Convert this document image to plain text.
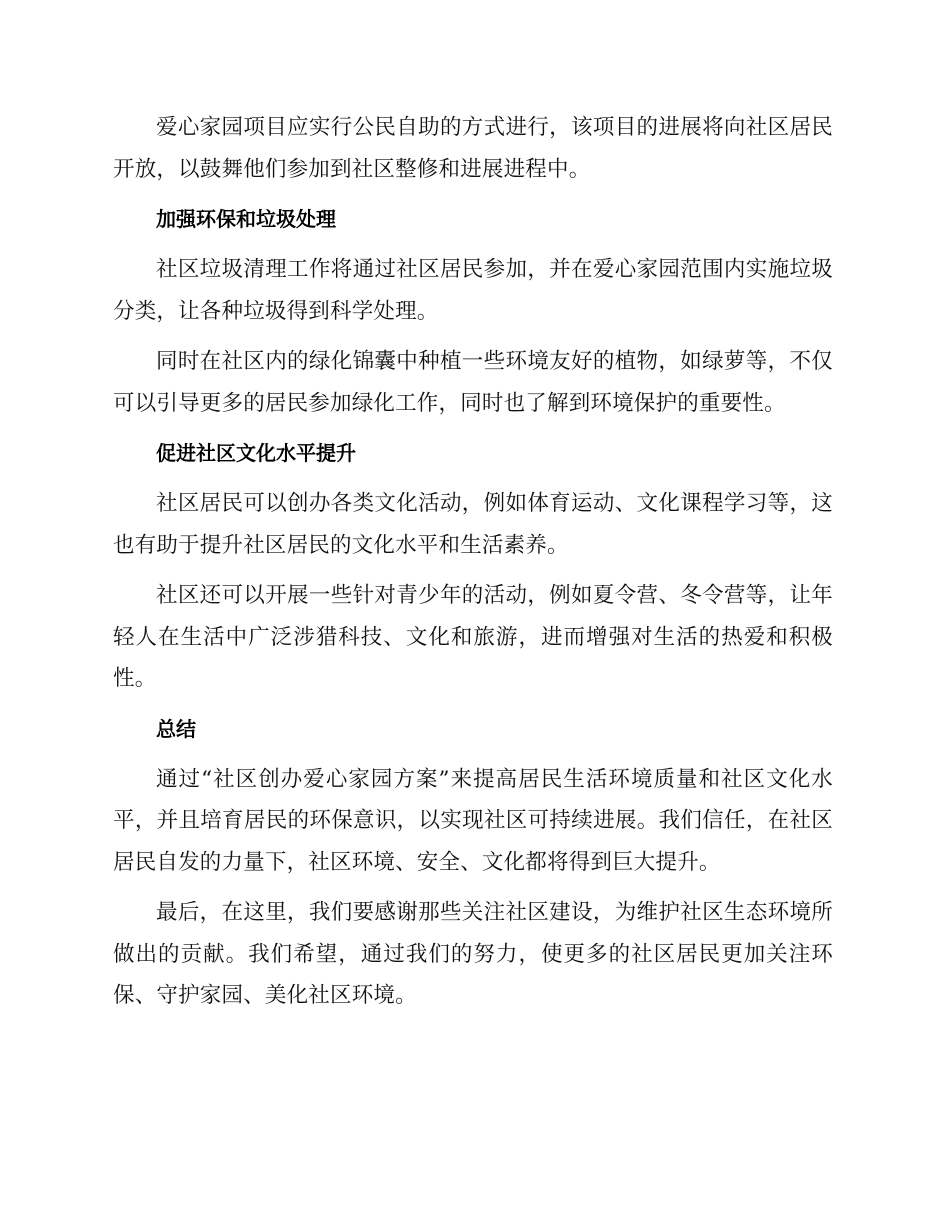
爱心家园项目应实行公民自助的方式进行，该项目的进展将向社区居民开放，以鼓舞他们参加到社区整修和进展进程中。

加强环保和垃圾处理

社区垃圾清理工作将通过社区居民参加，并在爱心家园范围内实施垃圾分类，让各种垃圾得到科学处理。

同时在社区内的绿化锦囊中种植一些环境友好的植物，如绿萝等，不仅可以引导更多的居民参加绿化工作，同时也了解到环境保护的重要性。

促进社区文化水平提升

社区居民可以创办各类文化活动，例如体育运动、文化课程学习等，这也有助于提升社区居民的文化水平和生活素养。

社区还可以开展一些针对青少年的活动，例如夏令营、冬令营等，让年轻人在生活中广泛涉猎科技、文化和旅游，进而增强对生活的热爱和积极性。

总结

通过“社区创办爱心家园方案”来提高居民生活环境质量和社区文化水平，并且培育居民的环保意识，以实现社区可持续进展。我们信任，在社区居民自发的力量下，社区环境、安全、文化都将得到巨大提升。

最后，在这里，我们要感谢那些关注社区建设，为维护社区生态环境所做出的贡献。我们希望，通过我们的努力，使更多的社区居民更加关注环保、守护家园、美化社区环境。
